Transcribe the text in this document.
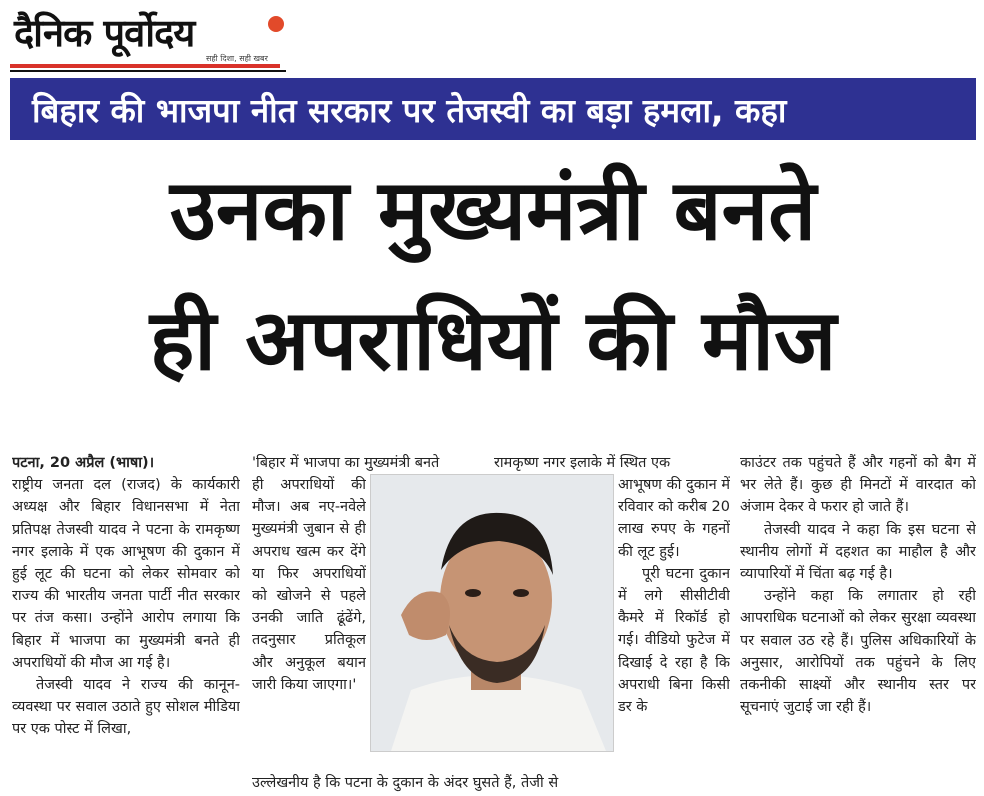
दैनिक पूर्वोदय
सही दिशा, सही खबर
बिहार की भाजपा नीत सरकार पर तेजस्वी का बड़ा हमला, कहा
उनका मुख्यमंत्री बनते
ही अपराधियों की मौज

पटना, 20 अप्रैल (भाषा)।

राष्ट्रीय जनता दल (राजद) के कार्यकारी अध्यक्ष और बिहार विधानसभा में नेता प्रतिपक्ष तेजस्वी यादव ने पटना के रामकृष्ण नगर इलाके में एक आभूषण की दुकान में हुई लूट की घटना को लेकर सोमवार को राज्य की भारतीय जनता पार्टी नीत सरकार पर तंज कसा। उन्होंने आरोप लगाया कि बिहार में भाजपा का मुख्यमंत्री बनते ही अपराधियों की मौज आ गई है।

तेजस्वी यादव ने राज्य की कानून-व्यवस्था पर सवाल उठाते हुए सोशल मीडिया पर एक पोस्ट में लिखा,

'बिहार में भाजपा का मुख्यमंत्री बनते

ही अपराधियों की मौज। अब नए-नवेले मुख्यमंत्री जुबान से ही अपराध खत्म कर देंगे या फिर अपराधियों को खोजने से पहले उनकी जाति ढूंढेंगे, तदनुसार प्रतिकूल और अनुकूल बयान जारी किया जाएगा।'

रामकृष्ण नगर इलाके में स्थित एक

आभूषण की दुकान में रविवार को करीब 20 लाख रुपए के गहनों की लूट हुई।

पूरी घटना दुकान में लगे सीसीटीवी कैमरे में रिकॉर्ड हो गई। वीडियो फुटेज में दिखाई दे रहा है कि अपराधी बिना किसी डर के

उल्लेखनीय है कि पटना के दुकान के अंदर घुसते हैं, तेजी से

काउंटर तक पहुंचते हैं और गहनों को बैग में भर लेते हैं। कुछ ही मिनटों में वारदात को अंजाम देकर वे फरार हो जाते हैं।

तेजस्वी यादव ने कहा कि इस घटना से स्थानीय लोगों में दहशत का माहौल है और व्यापारियों में चिंता बढ़ गई है।

उन्होंने कहा कि लगातार हो रही आपराधिक घटनाओं को लेकर सुरक्षा व्यवस्था पर सवाल उठ रहे हैं। पुलिस अधिकारियों के अनुसार, आरोपियों तक पहुंचने के लिए तकनीकी साक्ष्यों और स्थानीय स्तर पर सूचनाएं जुटाई जा रही हैं।
